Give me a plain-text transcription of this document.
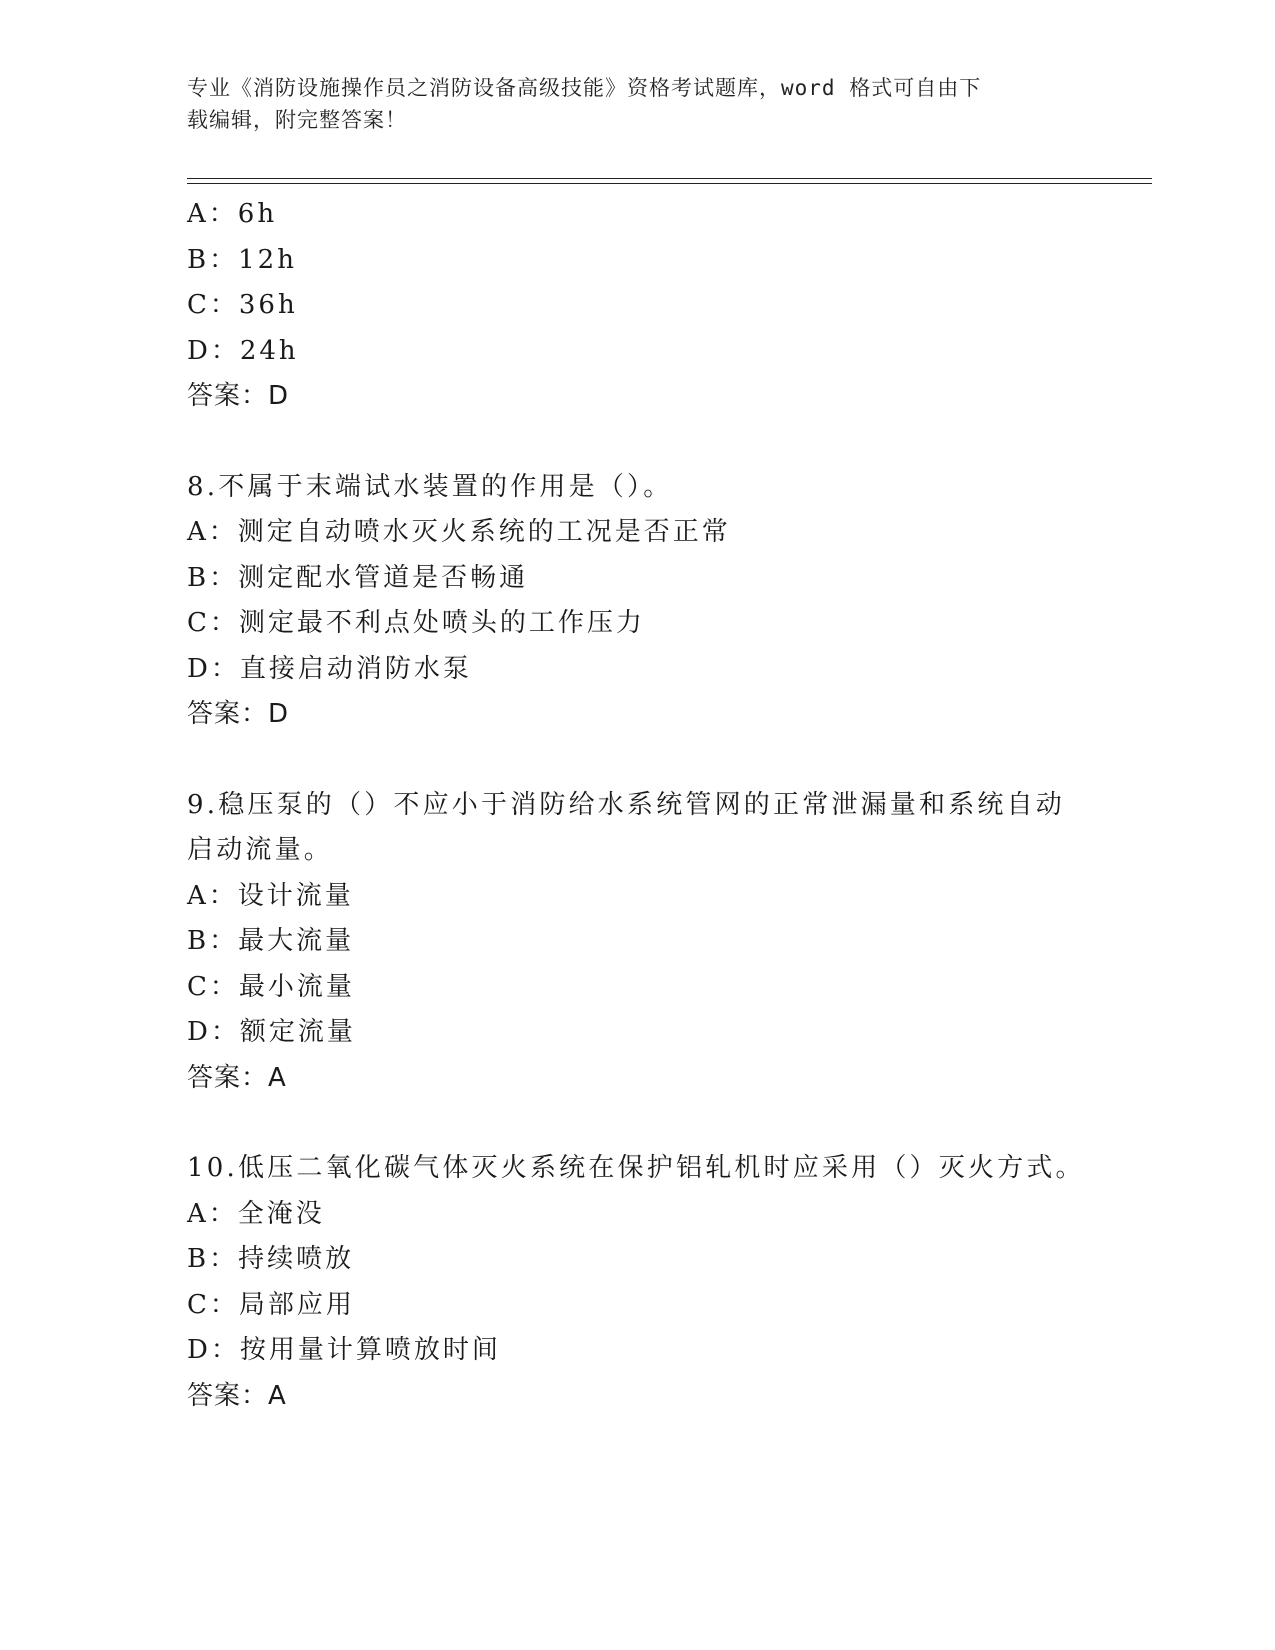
专业《消防设施操作员之消防设备高级技能》资格考试题库，word 格式可自由下
载编辑，附完整答案！
A：6h
B：12h
C：36h
D：24h
答案：D
8.不属于末端试水装置的作用是（）。
A：测定自动喷水灭火系统的工况是否正常
B：测定配水管道是否畅通
C：测定最不利点处喷头的工作压力
D：直接启动消防水泵
答案：D
9.稳压泵的（）不应小于消防给水系统管网的正常泄漏量和系统自动
启动流量。
A：设计流量
B：最大流量
C：最小流量
D：额定流量
答案：A
10.低压二氧化碳气体灭火系统在保护铝轧机时应采用（）灭火方式。
A：全淹没
B：持续喷放
C：局部应用
D：按用量计算喷放时间
答案：A
